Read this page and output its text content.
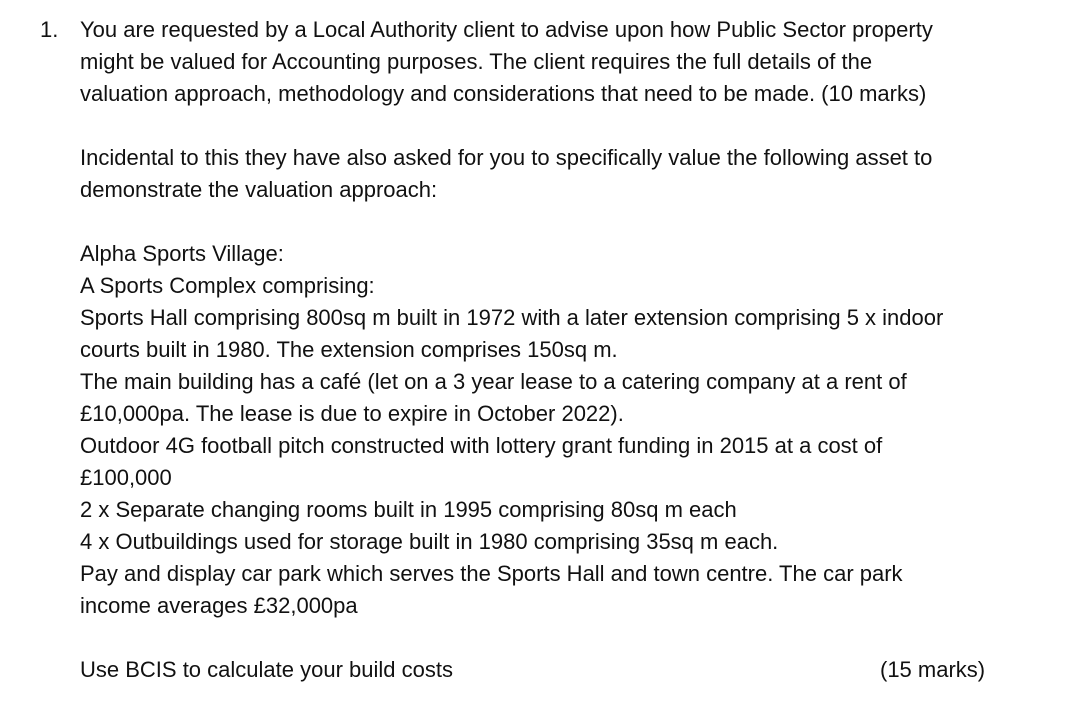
1. You are requested by a Local Authority client to advise upon how Public Sector property
might be valued for Accounting purposes. The client requires the full details of the
valuation approach, methodology and considerations that need to be made. (10 marks)
Incidental to this they have also asked for you to specifically value the following asset to
demonstrate the valuation approach:
Alpha Sports Village:
A Sports Complex comprising:
Sports Hall comprising 800sq m built in 1972 with a later extension comprising 5 x indoor
courts built in 1980. The extension comprises 150sq m.
The main building has a café (let on a 3 year lease to a catering company at a rent of
£10,000pa. The lease is due to expire in October 2022).
Outdoor 4G football pitch constructed with lottery grant funding in 2015 at a cost of
£100,000
2 x Separate changing rooms built in 1995 comprising 80sq m each
4 x Outbuildings used for storage built in 1980 comprising 35sq m each.
Pay and display car park which serves the Sports Hall and town centre. The car park
income averages £32,000pa
Use BCIS to calculate your build costs	(15 marks)
